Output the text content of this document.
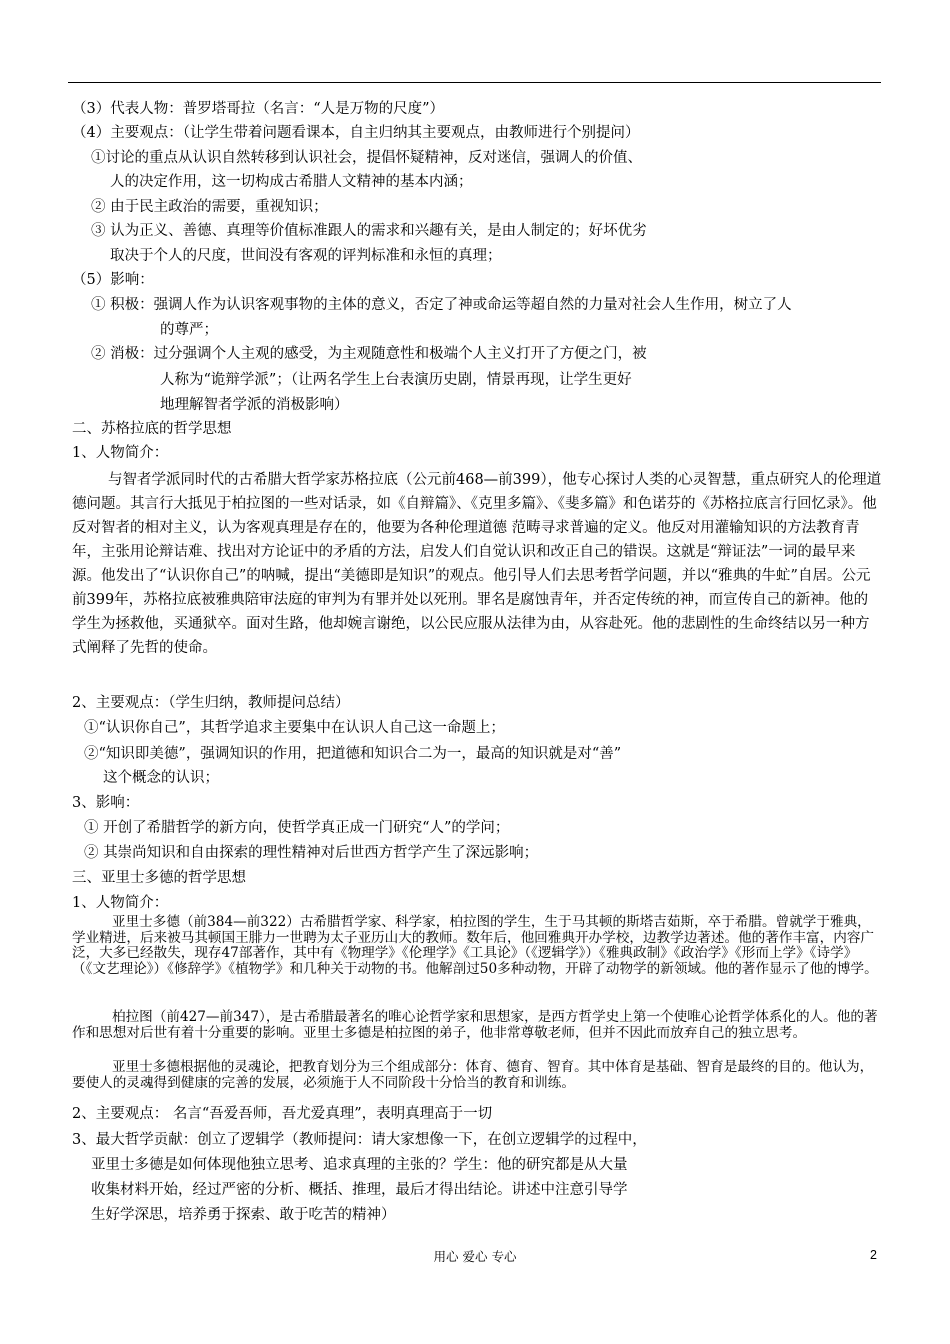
（3）代表人物：普罗塔哥拉（名言：“人是万物的尺度”）
（4）主要观点：（让学生带着问题看课本，自主归纳其主要观点，由教师进行个别提问）
①讨论的重点从认识自然转移到认识社会，提倡怀疑精神，反对迷信，强调人的价值、
人的决定作用，这一切构成古希腊人文精神的基本内涵；
② 由于民主政治的需要，重视知识；
③ 认为正义、善德、真理等价值标准跟人的需求和兴趣有关，是由人制定的；好坏优劣
取决于个人的尺度，世间没有客观的评判标准和永恒的真理；
（5）影响：
① 积极：强调人作为认识客观事物的主体的意义，否定了神或命运等超自然的力量对社会人生作用，树立了人
的尊严；
② 消极：过分强调个人主观的感受，为主观随意性和极端个人主义打开了方便之门，被
人称为“诡辩学派”；（让两名学生上台表演历史剧，情景再现，让学生更好
地理解智者学派的消极影响）
二、苏格拉底的哲学思想
1、人物简介：
与智者学派同时代的古希腊大哲学家苏格拉底（公元前468—前399），他专心探讨人类的心灵智慧，重点研究人的伦理道德问题。其言行大抵见于柏拉图的一些对话录，如《自辩篇》、《克里多篇》、《斐多篇》和色诺芬的《苏格拉底言行回忆录》。他反对智者的相对主义，认为客观真理是存在的，他要为各种伦理道德 范畴寻求普遍的定义。他反对用灌输知识的方法教育青年，主张用论辩诘难、找出对方论证中的矛盾的方法，启发人们自觉认识和改正自己的错误。这就是“辩证法”一词的最早来源。他发出了“认识你自己”的呐喊，提出“美德即是知识”的观点。他引导人们去思考哲学问题，并以“雅典的牛虻”自居。公元前399年，苏格拉底被雅典陪审法庭的审判为有罪并处以死刑。罪名是腐蚀青年，并否定传统的神，而宣传自己的新神。他的学生为拯救他，买通狱卒。面对生路，他却婉言谢绝，以公民应服从法律为由，从容赴死。他的悲剧性的生命终结以另一种方式阐释了先哲的使命。
2、主要观点：（学生归纳，教师提问总结）
①“认识你自己”，其哲学追求主要集中在认识人自己这一命题上；
②“知识即美德”，强调知识的作用，把道德和知识合二为一，最高的知识就是对“善”
这个概念的认识；
3、影响：
① 开创了希腊哲学的新方向，使哲学真正成一门研究“人”的学问；
② 其崇尚知识和自由探索的理性精神对后世西方哲学产生了深远影响；
三、亚里士多德的哲学思想
1、人物简介：
亚里士多德（前384—前322）古希腊哲学家、科学家，柏拉图的学生，生于马其顿的斯塔吉茹斯，卒于希腊。曾就学于雅典，学业精进，后来被马其顿国王腓力一世聘为太子亚历山大的教师。数年后，他回雅典开办学校，边教学边著述。他的著作丰富，内容广泛，大多已经散失，现存47部著作，其中有《物理学》《伦理学》《工具论》（《逻辑学》）《雅典政制》《政治学》《形而上学》《诗学》（《文艺理论》）《修辞学》《植物学》和几种关于动物的书。他解剖过50多种动物，开辟了动物学的新领域。他的著作显示了他的博学。
柏拉图（前427—前347），是古希腊最著名的唯心论哲学家和思想家，是西方哲学史上第一个使唯心论哲学体系化的人。他的著作和思想对后世有着十分重要的影响。亚里士多德是柏拉图的弟子，他非常尊敬老师，但并不因此而放弃自己的独立思考。
亚里士多德根据他的灵魂论，把教育划分为三个组成部分：体育、德育、智育。其中体育是基础、智育是最终的目的。他认为，要使人的灵魂得到健康的完善的发展，必须施于人不同阶段十分恰当的教育和训练。
2、主要观点： 名言“吾爱吾师，吾尤爱真理”，表明真理高于一切
3、最大哲学贡献：创立了逻辑学（教师提问：请大家想像一下，在创立逻辑学的过程中，
亚里士多德是如何体现他独立思考、追求真理的主张的？学生：他的研究都是从大量
收集材料开始，经过严密的分析、概括、推理，最后才得出结论。讲述中注意引导学
生好学深思，培养勇于探索、敢于吃苦的精神）
用心 爱心 专心	2
